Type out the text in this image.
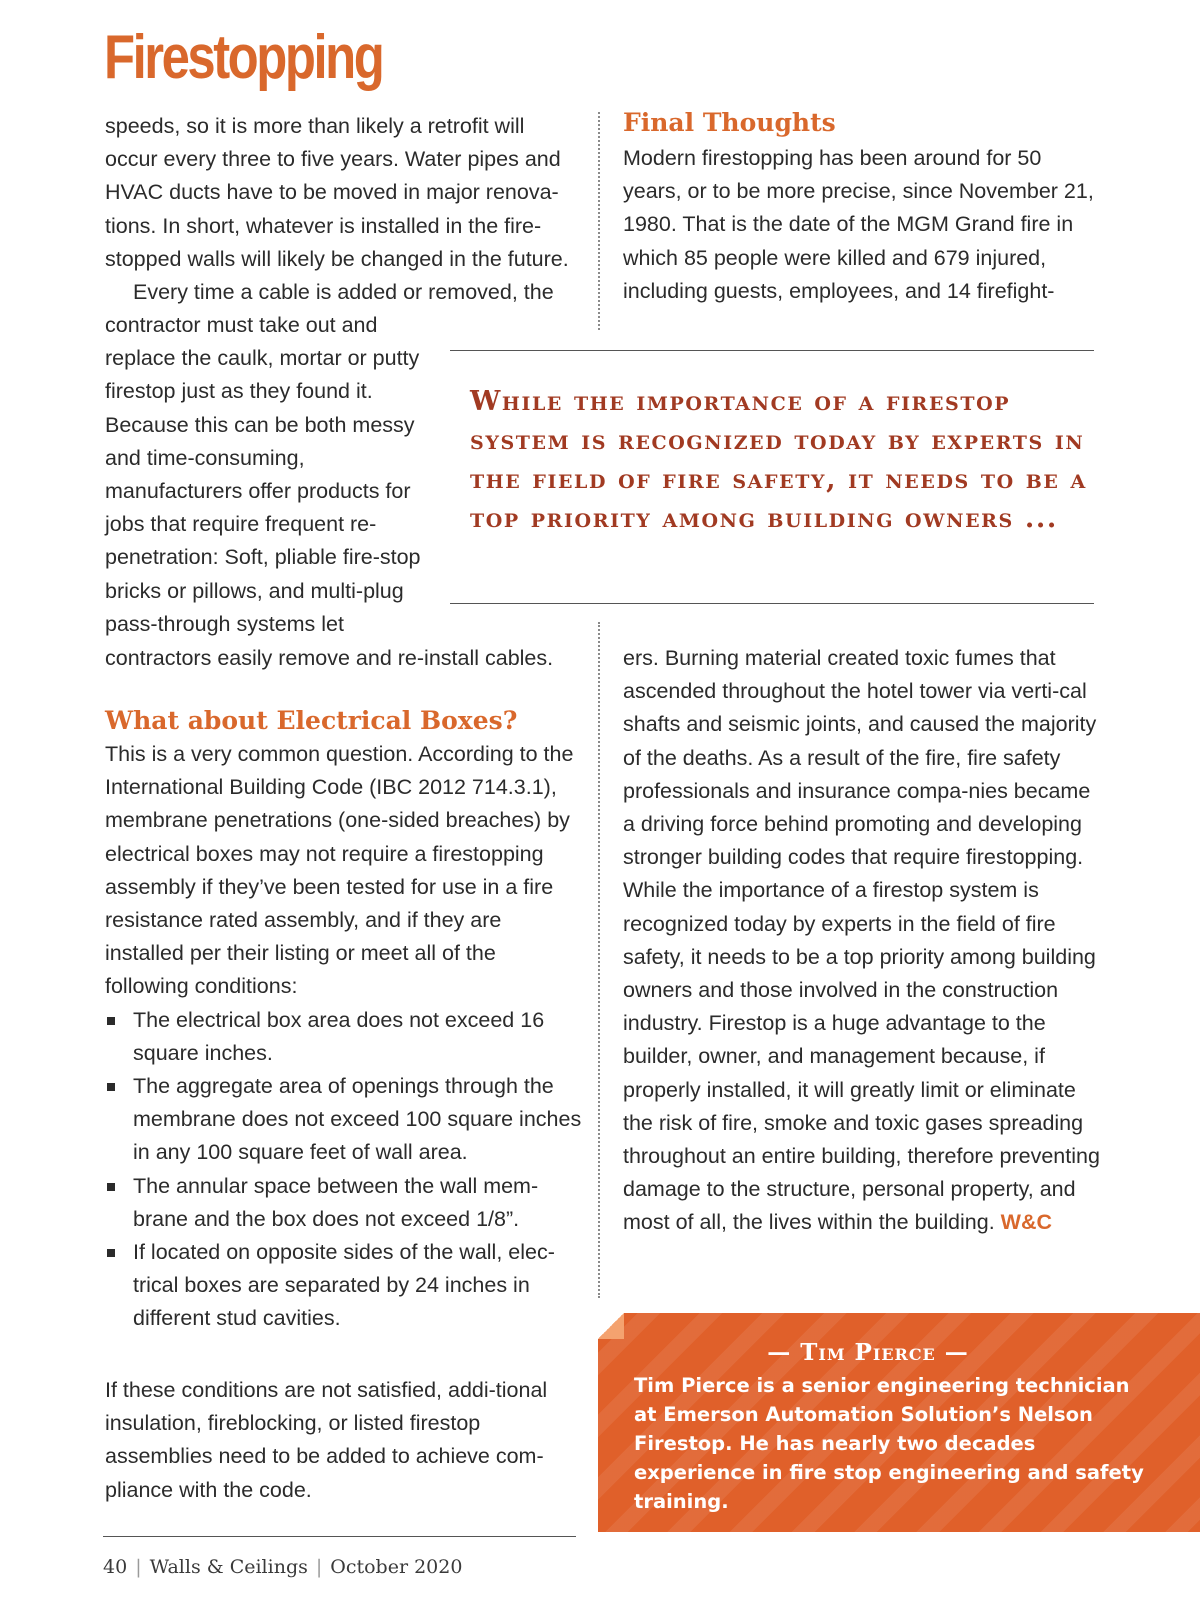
Firestopping

speeds, so it is more than likely a retrofit will occur every three to five years. Water pipes and HVAC ducts have to be moved in major renova-tions. In short, whatever is installed in the fire-stopped walls will likely be changed in the future.

Every time a cable is added or removed, the

contractor must take out and replace the caulk, mortar or putty firestop just as they found it. Because this can be both messy and time-consuming, manufacturers offer products for jobs that require frequent re-penetration: Soft, pliable fire-stop bricks or pillows, and multi-plug pass-through systems let

contractors easily remove and re-install cables.

What about Electrical Boxes?

This is a very common question. According to the International Building Code (IBC 2012 714.3.1), membrane penetrations (one-sided breaches) by electrical boxes may not require a firestopping assembly if they’ve been tested for use in a fire resistance rated assembly, and if they are installed per their listing or meet all of the following conditions:

The electrical box area does not exceed 16 square inches.
The aggregate area of openings through the membrane does not exceed 100 square inches in any 100 square feet of wall area.
The annular space between the wall mem-brane and the box does not exceed 1/8”.
If located on opposite sides of the wall, elec-trical boxes are separated by 24 inches in different stud cavities.

If these conditions are not satisfied, addi-tional insulation, fireblocking, or listed firestop assemblies need to be added to achieve com-pliance with the code.

Final Thoughts

Modern firestopping has been around for 50 years, or to be more precise, since November 21, 1980. That is the date of the MGM Grand fire in which 85 people were killed and 679 injured, including guests, employees, and 14 firefight-

ers. Burning material created toxic fumes that ascended throughout the hotel tower via verti-cal shafts and seismic joints, and caused the majority of the deaths. As a result of the fire, fire safety professionals and insurance compa-nies became a driving force behind promoting and developing stronger building codes that require firestopping. While the importance of a firestop system is recognized today by experts in the field of fire safety, it needs to be a top priority among building owners and those involved in the construction industry. Firestop is a huge advantage to the builder, owner, and management because, if properly installed, it will greatly limit or eliminate the risk of fire, smoke and toxic gases spreading throughout an entire building, therefore preventing damage to the structure, personal property, and most of all, the lives within the building. W&C

While the importance of a firestop system is recognized today by experts in the field of fire safety, it needs to be a top priority among building owners ...
— Tim Pierce —
Tim Pierce is a senior engineering technician at Emerson Automation Solution’s Nelson Firestop. He has nearly two decades experience in fire stop engineering and safety training.
40 | Walls & Ceilings | October 2020
